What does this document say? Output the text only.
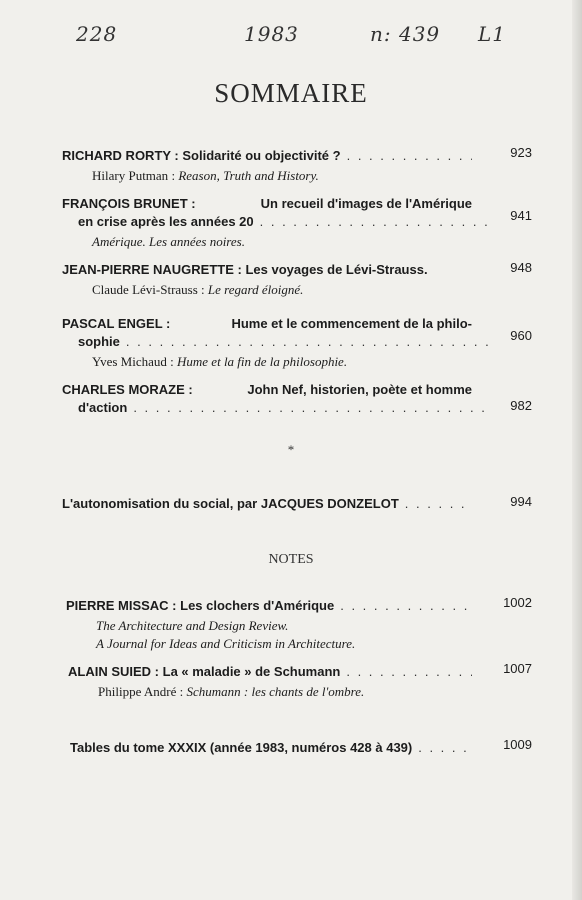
228	1983	n: 439 L1
SOMMAIRE
RICHARD RORTY :
Solidarité ou objectivité ? . . .	923
Hilary Putman : Reason, Truth and History.
FRANÇOIS BRUNET :	Un recueil d'images de l'Amérique
en crise après les années 20 . . .	941
Amérique. Les années noires.
JEAN-PIERRE NAUGRETTE :
Les voyages de Lévi-Strauss.	948
Claude Lévi-Strauss : Le regard éloigné.
PASCAL ENGEL :	Hume et le commencement de la philo-
sophie . . .	960
Yves Michaud : Hume et la fin de la philosophie.
CHARLES MORAZE :	John Nef, historien, poète et homme
d'action . . .	982
*
L'autonomisation du social, par JACQUES DONZELOT . . .	994
NOTES
PIERRE MISSAC :
Les clochers d'Amérique . . .	1002
The Architecture and Design Review.
A Journal for Ideas and Criticism in Architecture.
ALAIN SUIED :
La « maladie » de Schumann . . .	1007
Philippe André : Schumann : les chants de l'ombre.
Tables du tome XXXIX (année 1983, numéros 428 à 439) . . .	1009
